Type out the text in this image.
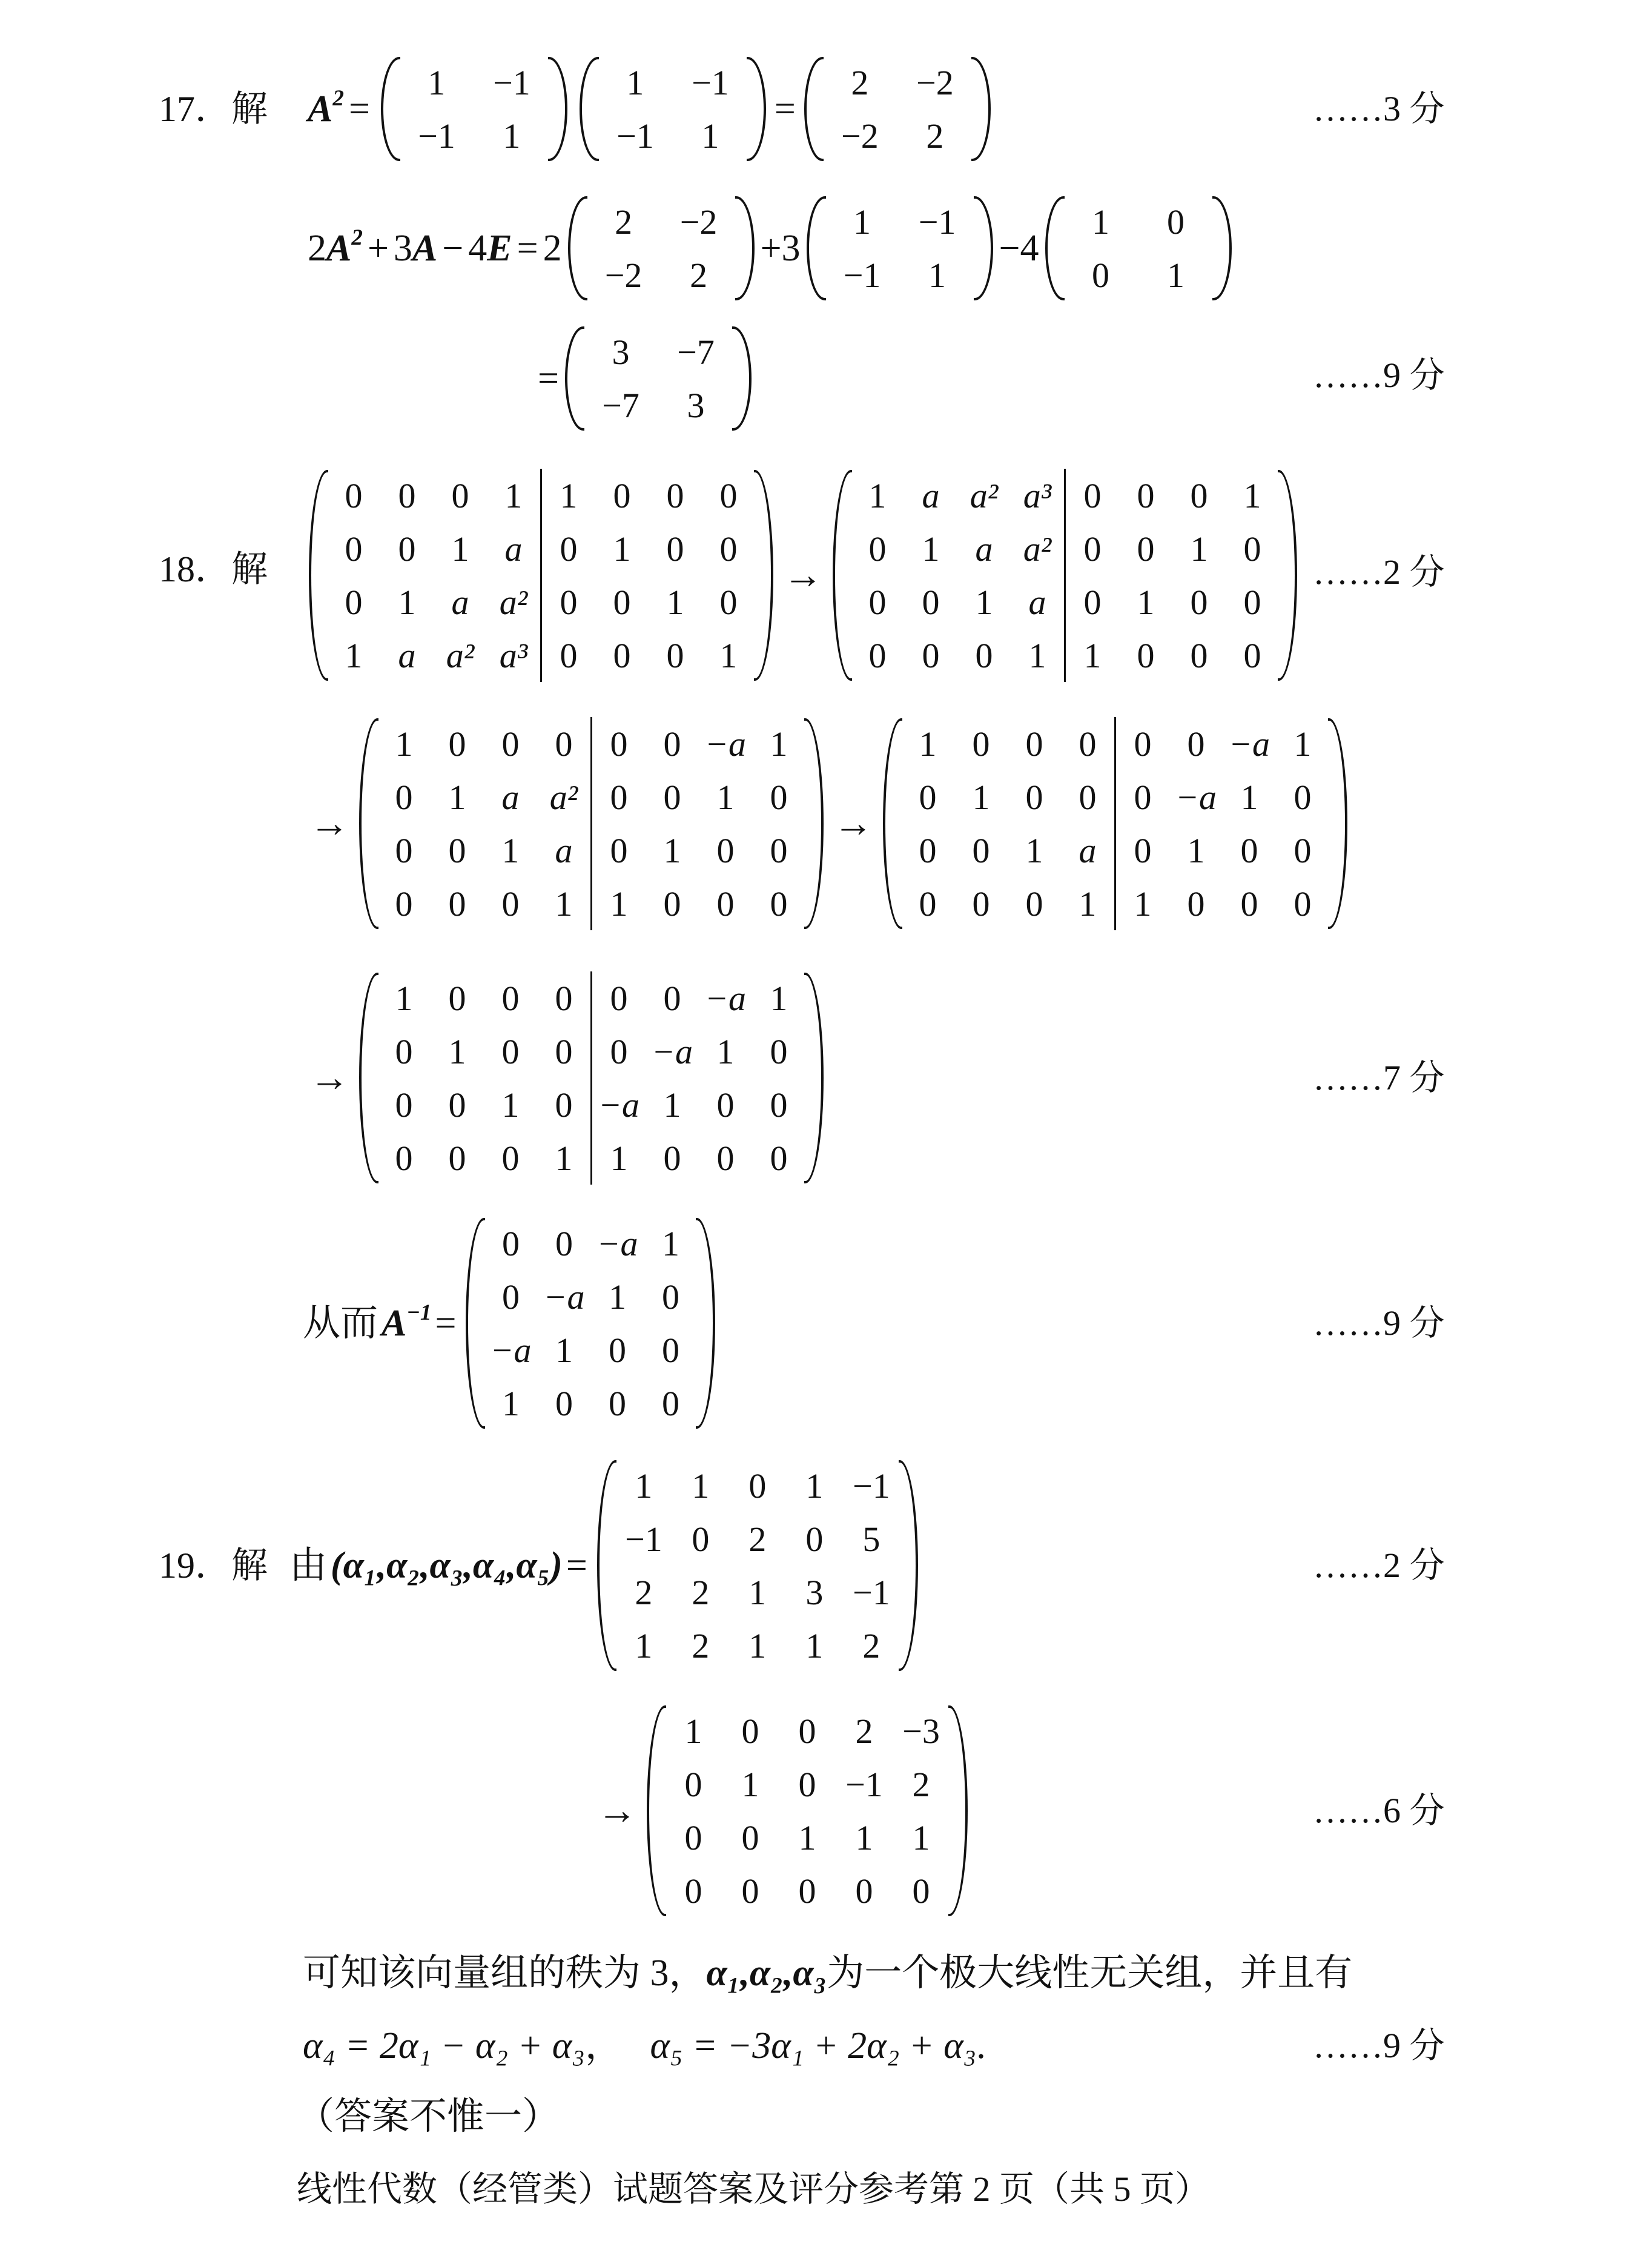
17．解 $A^2$ =
1	−1
−1	1
1	−1
−1	1
=
2	−2
−2	2
……3 分
2 $A^2 + 3$ A − 4 E = 2
2	−2
−2	2
+3
1	−1
−1	1
−4
1	0
0	1
=
3	−7
−7	3
……9 分
18．解
0	0	0	1	1	0	0	0
0	0	1	a	0	1	0	0
0	1	a	a²	0	0	1	0
1	a	a²	a³	0	0	0	1
→
1	a	a²	a³	0	0	0	1
0	1	a	a²	0	0	1	0
0	0	1	a	0	1	0	0
0	0	0	1	1	0	0	0
……2 分
→
1	0	0	0	0	0	−a	1
0	1	a	a²	0	0	1	0
0	0	1	a	0	1	0	0
0	0	0	1	1	0	0	0
→
1	0	0	0	0	0	−a	1
0	1	0	0	0	−a	1	0
0	0	1	a	0	1	0	0
0	0	0	1	1	0	0	0
→
1	0	0	0	0	0	−a	1
0	1	0	0	0	−a	1	0
0	0	1	0	−a	1	0	0
0	0	0	1	1	0	0	0
……7 分
从而 $A^{-1}$ =
0	0	−a	1
0	−a	1	0
−a	1	0	0
1	0	0	0
……9 分
19．解 由 (α₁,α₂,α₃,α₄,α₅) =
1	1	0	1	−1
−1	0	2	0	5
2	2	1	3	−1
1	2	1	1	2
……2 分
→
1	0	0	2	−3
0	1	0	−1	2
0	0	1	1	1
0	0	0	0	0
……6 分
可知该向量组的秩为 3，α₁,α₂,α₃为一个极大线性无关组，并且有
α₄ = 2α₁ − α₂ + α₃， α₅ = −3α₁ + 2α₂ + α₃.	……9 分
（答案不惟一）
线性代数（经管类）试题答案及评分参考第 2 页（共 5 页）
